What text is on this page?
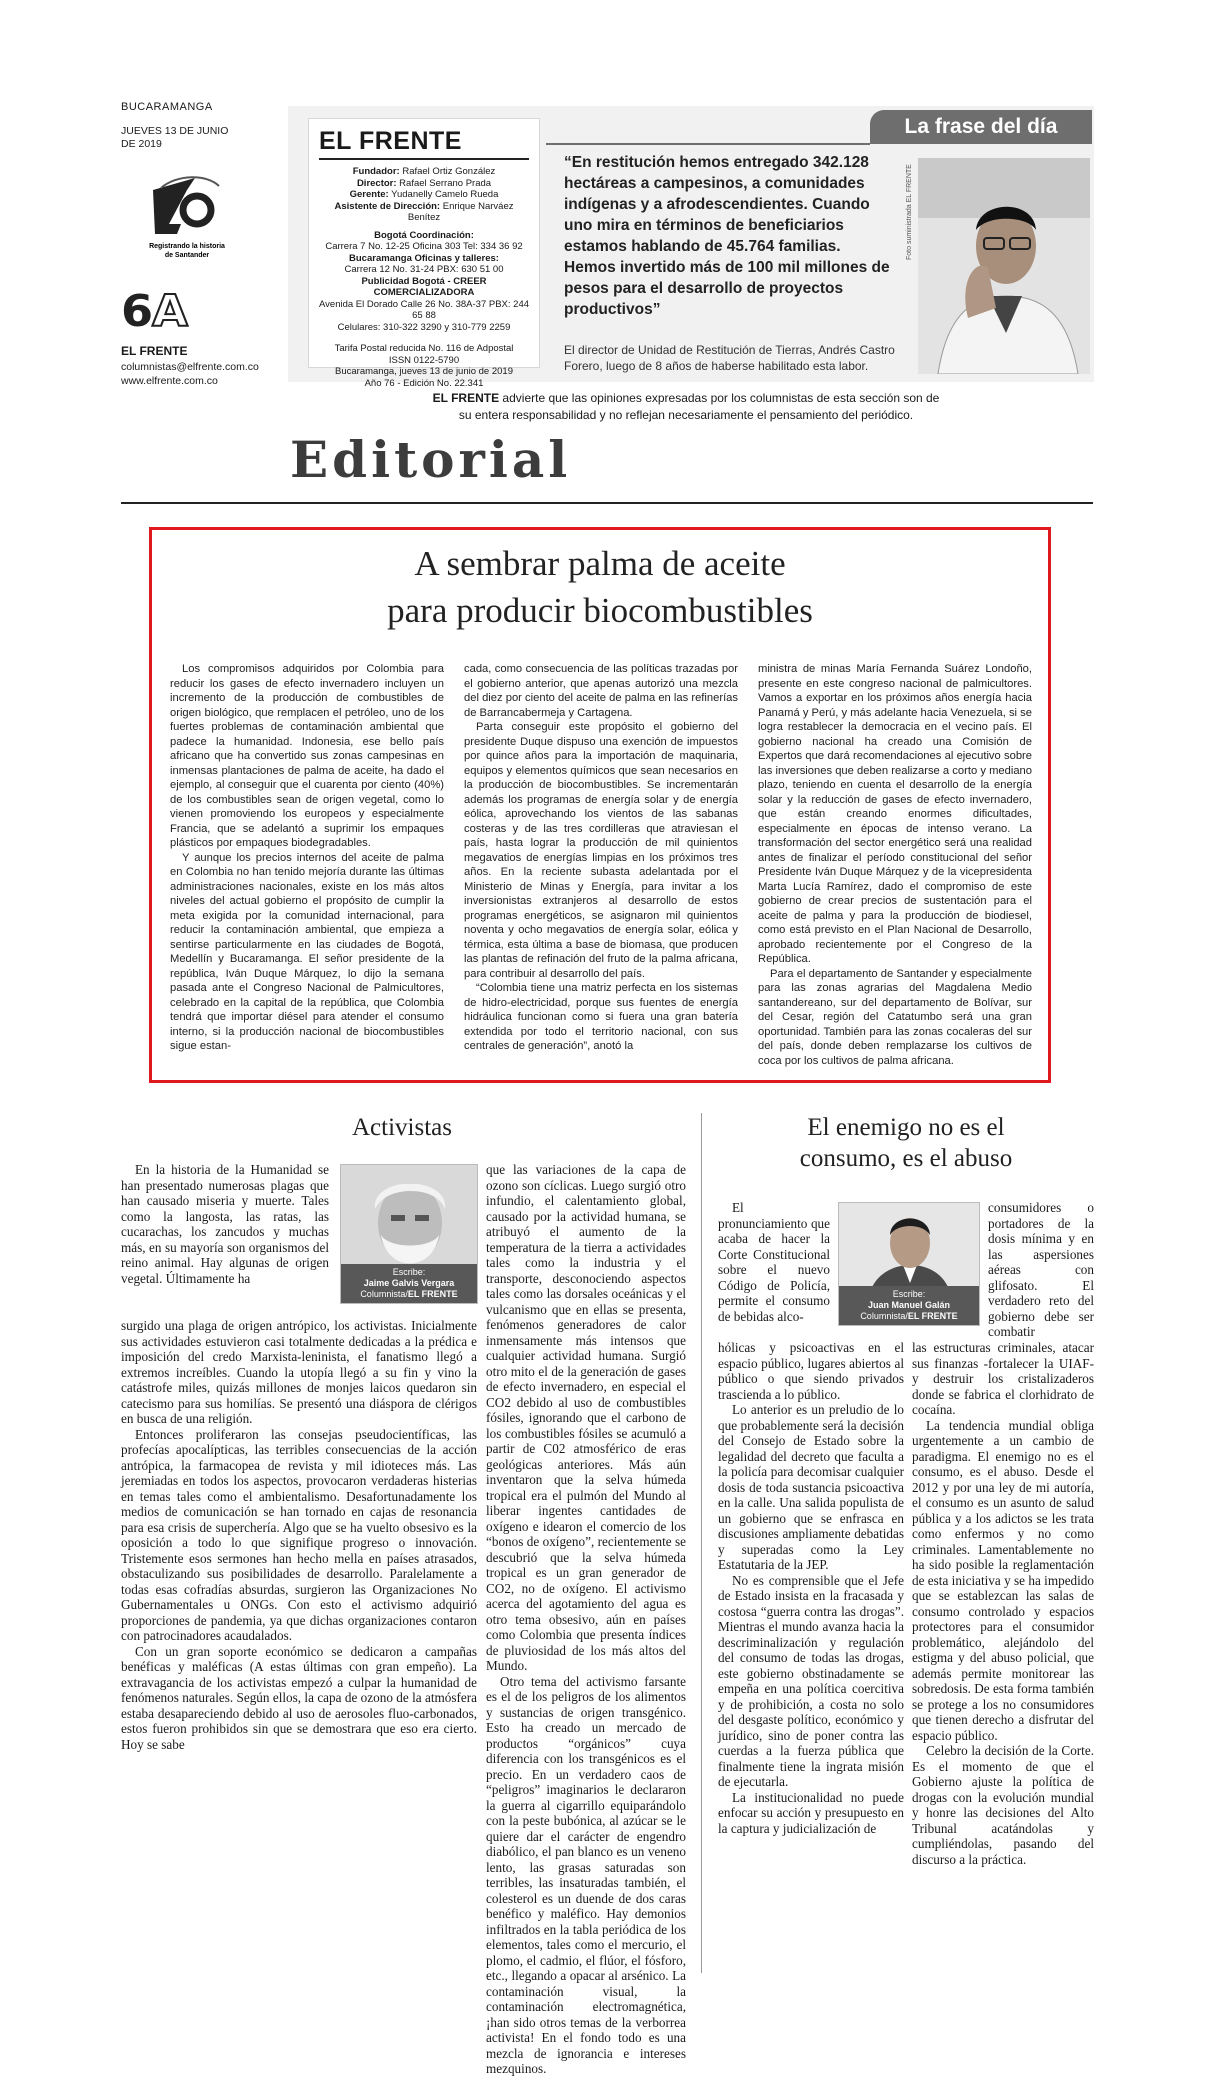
BUCARAMANGA
JUEVES 13 DE JUNIO DE 2019
Registrando la historia
de Santander
6A
EL FRENTE
columnistas@elfrente.com.co
www.elfrente.com.co
EL FRENTE

Fundador: Rafael Ortiz González

Director: Rafael Serrano Prada

Gerente: Yudanelly Camelo Rueda

Asistente de Dirección: Enrique Narváez Benítez

Bogotá Coordinación:

Carrera 7 No. 12-25 Oficina 303 Tel: 334 36 92

Bucaramanga Oficinas y talleres:

Carrera 12 No. 31-24 PBX: 630 51 00

Publicidad Bogotá - CREER COMERCIALIZADORA

Avenida El Dorado Calle 26 No. 38A-37 PBX: 244 65 88

Celulares: 310-322 3290 y 310-779 2259

Tarifa Postal reducida No. 116 de Adpostal

ISSN 0122-5790

Bucaramanga, jueves 13 de junio de 2019

Año 76 - Edición No. 22.341

La frase del día
“En restitución hemos entregado 342.128 hectáreas a campesinos, a comunidades indígenas y a afrodescendientes. Cuando uno mira en términos de beneficiarios estamos hablando de 45.764 familias. Hemos invertido más de 100 mil millones de pesos para el desarrollo de proyectos productivos”
El director de Unidad de Restitución de Tierras, Andrés Castro Forero, luego de 8 años de haberse habilitado esta labor.
Foto suministrada EL FRENTE
EL FRENTE advierte que las opiniones expresadas por los columnistas de esta sección son de su entera responsabilidad y no reflejan necesariamente el pensamiento del periódico.
Editorial
A sembrar palma de aceite
para producir biocombustibles

Los compromisos adquiridos por Colombia para reducir los gases de efecto invernadero incluyen un incremento de la producción de combustibles de origen biológico, que remplacen el petróleo, uno de los fuertes problemas de contaminación ambiental que padece la humanidad. Indonesia, ese bello país africano que ha convertido sus zonas campesinas en inmensas plantaciones de palma de aceite, ha dado el ejemplo, al conseguir que el cuarenta por ciento (40%) de los combustibles sean de origen vegetal, como lo vienen promoviendo los europeos y especialmente Francia, que se adelantó a suprimir los empaques plásticos por empaques biodegradables.

Y aunque los precios internos del aceite de palma en Colombia no han tenido mejoría durante las últimas administraciones nacionales, existe en los más altos niveles del actual gobierno el propósito de cumplir la meta exigida por la comunidad internacional, para reducir la contaminación ambiental, que empieza a sentirse particularmente en las ciudades de Bogotá, Medellín y Bucaramanga. El señor presidente de la república, Iván Duque Márquez, lo dijo la semana pasada ante el Congreso Nacional de Palmicultores, celebrado en la capital de la república, que Colombia tendrá que importar diésel para atender el consumo interno, si la producción nacional de biocombustibles sigue estan-

cada, como consecuencia de las políticas trazadas por el gobierno anterior, que apenas autorizó una mezcla del diez por ciento del aceite de palma en las refinerías de Barrancabermeja y Cartagena.

Parta conseguir este propósito el gobierno del presidente Duque dispuso una exención de impuestos por quince años para la importación de maquinaria, equipos y elementos químicos que sean necesarios en la producción de biocombustibles. Se incrementarán además los programas de energía solar y de energía eólica, aprovechando los vientos de las sabanas costeras y de las tres cordilleras que atraviesan el país, hasta lograr la producción de mil quinientos megavatios de energías limpias en los próximos tres años. En la reciente subasta adelantada por el Ministerio de Minas y Energía, para invitar a los inversionistas extranjeros al desarrollo de estos programas energéticos, se asignaron mil quinientos noventa y ocho megavatios de energía solar, eólica y térmica, esta última a base de biomasa, que producen las plantas de refinación del fruto de la palma africana, para contribuir al desarrollo del país.

“Colombia tiene una matriz perfecta en los sistemas de hidro-electricidad, porque sus fuentes de energía hidráulica funcionan como si fuera una gran batería extendida por todo el territorio nacional, con sus centrales de generación”, anotó la

ministra de minas María Fernanda Suárez Londoño, presente en este congreso nacional de palmicultores. Vamos a exportar en los próximos años energía hacia Panamá y Perú, y más adelante hacia Venezuela, si se logra restablecer la democracia en el vecino país. El gobierno nacional ha creado una Comisión de Expertos que dará recomendaciones al ejecutivo sobre las inversiones que deben realizarse a corto y mediano plazo, teniendo en cuenta el desarrollo de la energía solar y la reducción de gases de efecto invernadero, que están creando enormes dificultades, especialmente en épocas de intenso verano. La transformación del sector energético será una realidad antes de finalizar el período constitucional del señor Presidente Iván Duque Márquez y de la vicepresidenta Marta Lucía Ramírez, dado el compromiso de este gobierno de crear precios de sustentación para el aceite de palma y para la producción de biodiesel, como está previsto en el Plan Nacional de Desarrollo, aprobado recientemente por el Congreso de la República.

Para el departamento de Santander y especialmente para las zonas agrarias del Magdalena Medio santandereano, sur del departamento de Bolívar, sur del Cesar, región del Catatumbo será una gran oportunidad. También para las zonas cocaleras del sur del país, donde deben remplazarse los cultivos de coca por los cultivos de palma africana.

Activistas
Escribe:
Jaime Galvis Vergara
Columnista/EL FRENTE

En la historia de la Humanidad se han presentado numerosas plagas que han causado miseria y muerte. Tales como la langosta, las ratas, las cucarachas, los zancudos y muchas más, en su mayoría son organismos del reino animal. Hay algunas de origen vegetal. Últimamente ha

surgido una plaga de origen antrópico, los activistas. Inicialmente sus actividades estuvieron casi totalmente dedicadas a la prédica e imposición del credo Marxista-leninista, el fanatismo llegó a extremos increíbles. Cuando la utopía llegó a su fin y vino la catástrofe miles, quizás millones de monjes laicos quedaron sin catecismo para sus homilías. Se presentó una diáspora de clérigos en busca de una religión.

Entonces proliferaron las consejas pseudocientíficas, las profecías apocalípticas, las terribles consecuencias de la acción antrópica, la farmacopea de revista y mil idioteces más. Las jeremiadas en todos los aspectos, provocaron verdaderas histerias en temas tales como el ambientalismo. Desafortunadamente los medios de comunicación se han tornado en cajas de resonancia para esa crisis de superchería. Algo que se ha vuelto obsesivo es la oposición a todo lo que signifique progreso o innovación. Tristemente esos sermones han hecho mella en países atrasados, obstaculizando sus posibilidades de desarrollo. Paralelamente a todas esas cofradías absurdas, surgieron las Organizaciones No Gubernamentales u ONGs. Con esto el activismo adquirió proporciones de pandemia, ya que dichas organizaciones contaron con patrocinadores acaudalados.

Con un gran soporte económico se dedicaron a campañas benéficas y maléficas (A estas últimas con gran empeño). La extravagancia de los activistas empezó a culpar la humanidad de fenómenos naturales. Según ellos, la capa de ozono de la atmósfera estaba desapareciendo debido al uso de aerosoles fluo-carbonados, estos fueron prohibidos sin que se demostrara que eso era cierto. Hoy se sabe

que las variaciones de la capa de ozono son cíclicas. Luego surgió otro infundio, el calentamiento global, causado por la actividad humana, se atribuyó el aumento de la temperatura de la tierra a actividades tales como la industria y el transporte, desconociendo aspectos tales como las dorsales oceánicas y el vulcanismo que en ellas se presenta, fenómenos generadores de calor inmensamente más intensos que cualquier actividad humana. Surgió otro mito el de la generación de gases de efecto invernadero, en especial el CO2 debido al uso de combustibles fósiles, ignorando que el carbono de los combustibles fósiles se acumuló a partir de C02 atmosférico de eras geológicas anteriores. Más aún inventaron que la selva húmeda tropical era el pulmón del Mundo al liberar ingentes cantidades de oxígeno e idearon el comercio de los “bonos de oxígeno”, recientemente se descubrió que la selva húmeda tropical es un gran generador de CO2, no de oxígeno. El activismo acerca del agotamiento del agua es otro tema obsesivo, aún en países como Colombia que presenta índices de pluviosidad de los más altos del Mundo.

Otro tema del activismo farsante es el de los peligros de los alimentos y sustancias de origen transgénico. Esto ha creado un mercado de productos “orgánicos” cuya diferencia con los transgénicos es el precio. En un verdadero caos de “peligros” imaginarios le declararon la guerra al cigarrillo equiparándolo con la peste bubónica, al azúcar se le quiere dar el carácter de engendro diabólico, el pan blanco es un veneno lento, las grasas saturadas son terribles, las insaturadas también, el colesterol es un duende de dos caras benéfico y maléfico. Hay demonios infiltrados en la tabla periódica de los elementos, tales como el mercurio, el plomo, el cadmio, el flúor, el fósforo, etc., llegando a opacar al arsénico. La contaminación visual, la contaminación electromagnética, ¡han sido otros temas de la verborrea activista! En el fondo todo es una mezcla de ignorancia e intereses mezquinos.

El enemigo no es el
consumo, es el abuso
Escribe:
Juan Manuel Galán
Columnista/EL FRENTE

El pronunciamiento que acaba de hacer la Corte Constitucional sobre el nuevo Código de Policía, permite el consumo de bebidas alco-

hólicas y psicoactivas en el espacio público, lugares abiertos al público o que siendo privados trascienda a lo público.

Lo anterior es un preludio de lo que probablemente será la decisión del Consejo de Estado sobre la legalidad del decreto que faculta a la policía para decomisar cualquier dosis de toda sustancia psicoactiva en la calle. Una salida populista de un gobierno que se enfrasca en discusiones ampliamente debatidas y superadas como la Ley Estatutaria de la JEP.

No es comprensible que el Jefe de Estado insista en la fracasada y costosa “guerra contra las drogas”. Mientras el mundo avanza hacia la descriminalización y regulación del consumo de todas las drogas, este gobierno obstinadamente se empeña en una política coercitiva y de prohibición, a costa no solo del desgaste político, económico y jurídico, sino de poner contra las cuerdas a la fuerza pública que finalmente tiene la ingrata misión de ejecutarla.

La institucionalidad no puede enfocar su acción y presupuesto en la captura y judicialización de

consumidores o portadores de la dosis mínima y en las aspersiones aéreas con glifosato. El verdadero reto del gobierno debe ser combatir

las estructuras criminales, atacar sus finanzas -fortalecer la UIAF- y destruir los cristalizaderos donde se fabrica el clorhidrato de cocaína.

La tendencia mundial obliga urgentemente a un cambio de paradigma. El enemigo no es el consumo, es el abuso. Desde el 2012 y por una ley de mi autoría, el consumo es un asunto de salud pública y a los adictos se les trata como enfermos y no como criminales. Lamentablemente no ha sido posible la reglamentación de esta iniciativa y se ha impedido que se establezcan las salas de consumo controlado y espacios protectores para el consumidor problemático, alejándolo del estigma y del abuso policial, que además permite monitorear las sobredosis. De esta forma también se protege a los no consumidores que tienen derecho a disfrutar del espacio público.

Celebro la decisión de la Corte. Es el momento de que el Gobierno ajuste la política de drogas con la evolución mundial y honre las decisiones del Alto Tribunal acatándolas y cumpliéndolas, pasando del discurso a la práctica.
